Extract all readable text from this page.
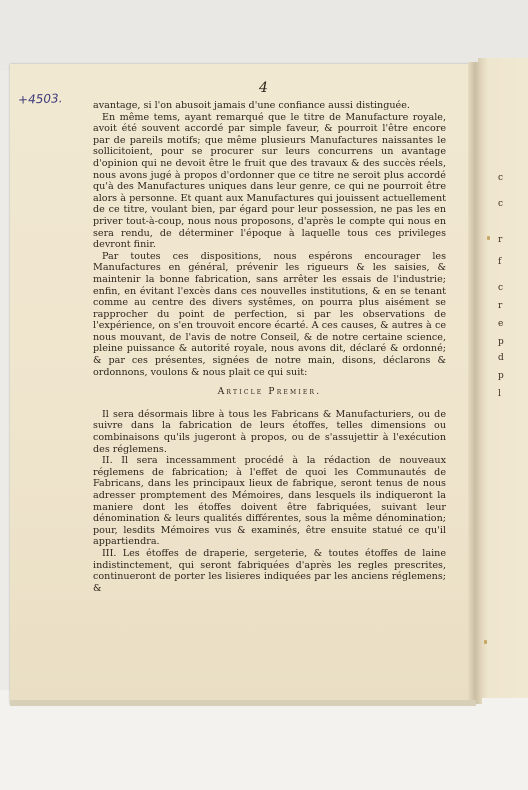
c
c
r
f
c
r
e
p
d
p
l
4
+4503.	avantage, si l'on abusoit jamais d'une confiance aussi distinguée.

En même tems, ayant remarqué que le titre de Manufacture royale, avoit été souvent accordé par simple faveur, & pourroit l'être encore par de pareils motifs; que même plusieurs Manufactures naissantes le sollicitoient, pour se procurer sur leurs concurrens un avantage d'opinion qui ne devoit être le fruit que des travaux & des succès réels, nous avons jugé à propos d'ordonner que ce titre ne seroit plus accordé qu'à des Manufactures uniques dans leur genre, ce qui ne pourroit être alors à personne. Et quant aux Manufactures qui jouissent actuellement de ce titre, voulant bien, par égard pour leur possession, ne pas les en priver tout-à-coup, nous nous proposons, d'après le compte qui nous en sera rendu, de déterminer l'époque à laquelle tous ces privileges devront finir.

Par toutes ces dispositions, nous espérons encourager les Manufactures en général, prévenir les rigueurs & les saisies, & maintenir la bonne fabrication, sans arrêter les essais de l'industrie; enfin, en évitant l'excès dans ces nouvelles institutions, & en se tenant comme au centre des divers systêmes, on pourra plus aisément se rapprocher du point de perfection, si par les observations de l'expérience, on s'en trouvoit encore écarté. A ces causes, & autres à ce nous mouvant, de l'avis de notre Conseil, & de notre certaine science, pleine puissance & autorité royale, nous avons dit, déclaré & ordonné; & par ces présentes, signées de notre main, disons, déclarons & ordonnons, voulons & nous plait ce qui suit:

Article Premier.

Il sera désormais libre à tous les Fabricans & Manufacturiers, ou de suivre dans la fabrication de leurs étoffes, telles dimensions ou combinaisons qu'ils jugeront à propos, ou de s'assujettir à l'exécution des réglemens.

II. Il sera incessamment procédé à la rédaction de nouveaux réglemens de fabrication; à l'effet de quoi les Communautés de Fabricans, dans les principaux lieux de fabrique, seront tenus de nous adresser promptement des Mémoires, dans lesquels ils indiqueront la maniere dont les étoffes doivent être fabriquées, suivant leur dénomination & leurs qualités différentes, sous la même dénomination; pour, lesdits Mémoires vus & examinés, être ensuite statué ce qu'il appartiendra.

III. Les étoffes de draperie, sergeterie, & toutes étoffes de laine indistinctement, qui seront fabriquées d'après les regles prescrites, continueront de porter les lisieres indiquées par les anciens réglemens; &
